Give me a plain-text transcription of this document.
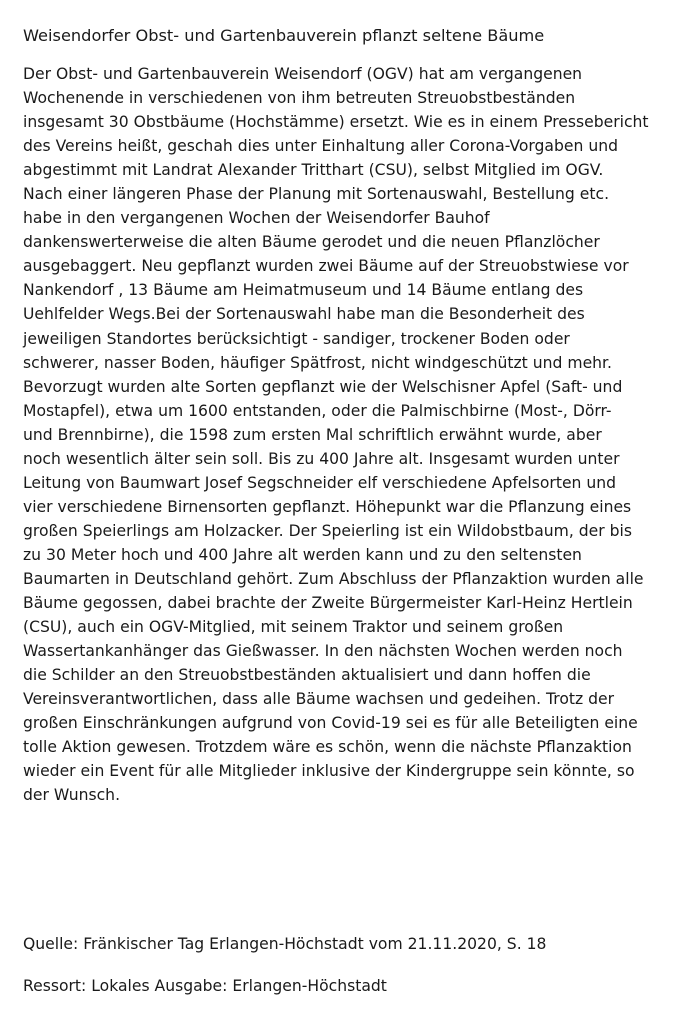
Weisendorfer Obst- und Gartenbauverein pflanzt seltene Bäume

Der Obst- und Gartenbauverein Weisendorf (OGV) hat am vergangenen
Wochenende in verschiedenen von ihm betreuten Streuobstbeständen
insgesamt 30 Obstbäume (Hochstämme) ersetzt. Wie es in einem Pressebericht
des Vereins heißt, geschah dies unter Einhaltung aller Corona-Vorgaben und
abgestimmt mit Landrat Alexander Tritthart (CSU), selbst Mitglied im OGV.
Nach einer längeren Phase der Planung mit Sortenauswahl, Bestellung etc.
habe in den vergangenen Wochen der Weisendorfer Bauhof
dankenswerterweise die alten Bäume gerodet und die neuen Pflanzlöcher
ausgebaggert. Neu gepflanzt wurden zwei Bäume auf der Streuobstwiese vor
Nankendorf , 13 Bäume am Heimatmuseum und 14 Bäume entlang des
Uehlfelder Wegs.Bei der Sortenauswahl habe man die Besonderheit des
jeweiligen Standortes berücksichtigt - sandiger, trockener Boden oder
schwerer, nasser Boden, häufiger Spätfrost, nicht windgeschützt und mehr.
Bevorzugt wurden alte Sorten gepflanzt wie der Welschisner Apfel (Saft- und
Mostapfel), etwa um 1600 entstanden, oder die Palmischbirne (Most-, Dörr-
und Brennbirne), die 1598 zum ersten Mal schriftlich erwähnt wurde, aber
noch wesentlich älter sein soll. Bis zu 400 Jahre alt. Insgesamt wurden unter
Leitung von Baumwart Josef Segschneider elf verschiedene Apfelsorten und
vier verschiedene Birnensorten gepflanzt. Höhepunkt war die Pflanzung eines
großen Speierlings am Holzacker. Der Speierling ist ein Wildobstbaum, der bis
zu 30 Meter hoch und 400 Jahre alt werden kann und zu den seltensten
Baumarten in Deutschland gehört. Zum Abschluss der Pflanzaktion wurden alle
Bäume gegossen, dabei brachte der Zweite Bürgermeister Karl-Heinz Hertlein
(CSU), auch ein OGV-Mitglied, mit seinem Traktor und seinem großen
Wassertankanhänger das Gießwasser. In den nächsten Wochen werden noch
die Schilder an den Streuobstbeständen aktualisiert und dann hoffen die
Vereinsverantwortlichen, dass alle Bäume wachsen und gedeihen. Trotz der
großen Einschränkungen aufgrund von Covid-19 sei es für alle Beteiligten eine
tolle Aktion gewesen. Trotzdem wäre es schön, wenn die nächste Pflanzaktion
wieder ein Event für alle Mitglieder inklusive der Kindergruppe sein könnte, so
der Wunsch.

Quelle: Fränkischer Tag Erlangen-Höchstadt vom 21.11.2020, S. 18

Ressort: Lokales Ausgabe: Erlangen-Höchstadt
